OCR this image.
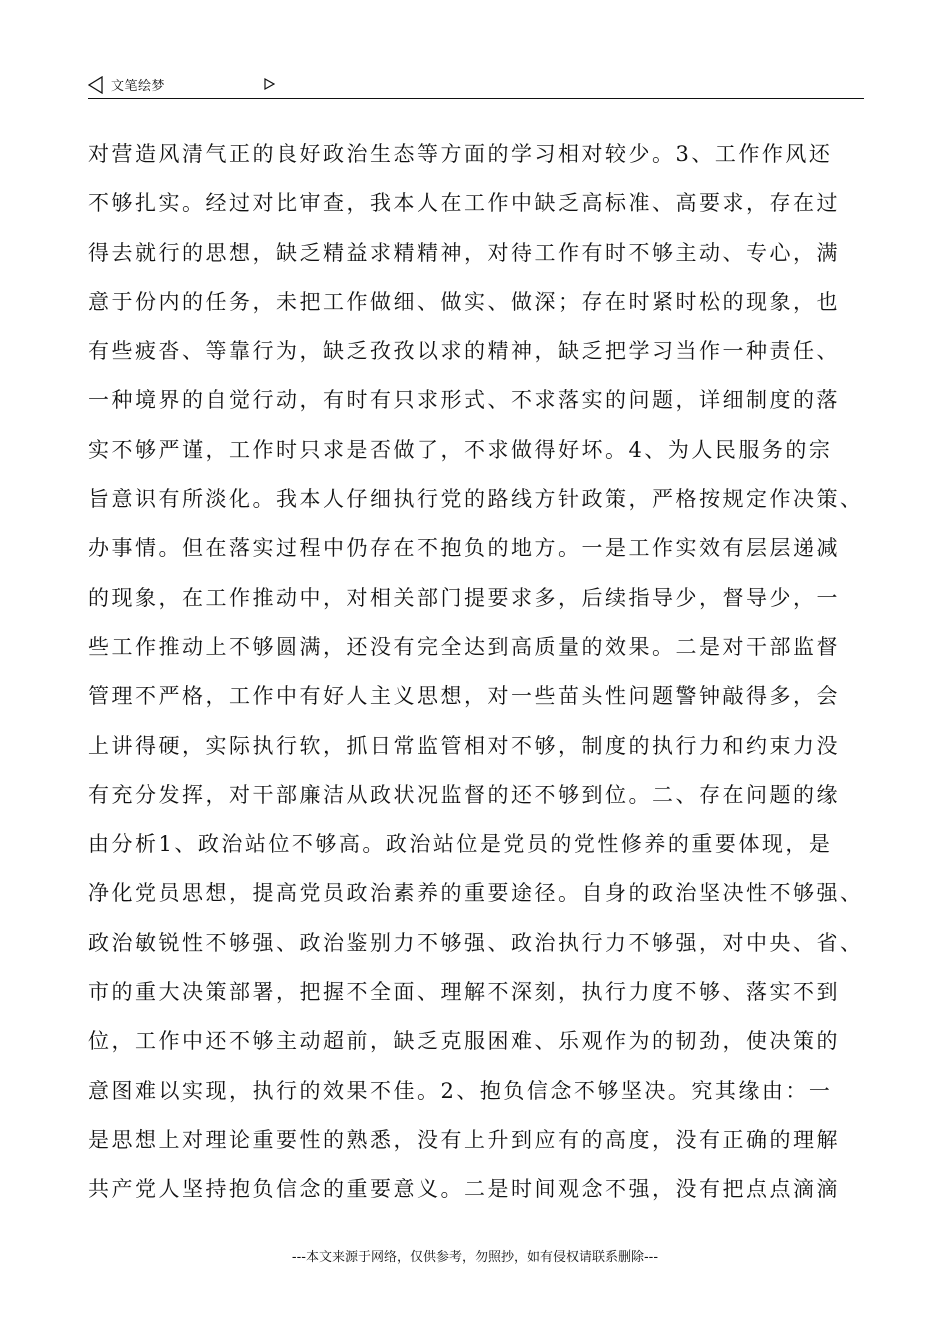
文笔绘梦
对营造风清气正的良好政治生态等方面的学习相对较少。3、工作作风还
不够扎实。经过对比审查，我本人在工作中缺乏高标准、高要求，存在过
得去就行的思想，缺乏精益求精精神，对待工作有时不够主动、专心，满
意于份内的任务，未把工作做细、做实、做深；存在时紧时松的现象，也
有些疲沓、等靠行为，缺乏孜孜以求的精神，缺乏把学习当作一种责任、
一种境界的自觉行动，有时有只求形式、不求落实的问题，详细制度的落
实不够严谨，工作时只求是否做了，不求做得好坏。4、为人民服务的宗
旨意识有所淡化。我本人仔细执行党的路线方针政策，严格按规定作决策、
办事情。但在落实过程中仍存在不抱负的地方。一是工作实效有层层递减
的现象，在工作推动中，对相关部门提要求多，后续指导少，督导少，一
些工作推动上不够圆满，还没有完全达到高质量的效果。二是对干部监督
管理不严格，工作中有好人主义思想，对一些苗头性问题警钟敲得多，会
上讲得硬，实际执行软，抓日常监管相对不够，制度的执行力和约束力没
有充分发挥，对干部廉洁从政状况监督的还不够到位。二、存在问题的缘
由分析1、政治站位不够高。政治站位是党员的党性修养的重要体现，是
净化党员思想，提高党员政治素养的重要途径。自身的政治坚决性不够强、
政治敏锐性不够强、政治鉴别力不够强、政治执行力不够强，对中央、省、
市的重大决策部署，把握不全面、理解不深刻，执行力度不够、落实不到
位，工作中还不够主动超前，缺乏克服困难、乐观作为的韧劲，使决策的
意图难以实现，执行的效果不佳。2、抱负信念不够坚决。究其缘由：一
是思想上对理论重要性的熟悉，没有上升到应有的高度，没有正确的理解
共产党人坚持抱负信念的重要意义。二是时间观念不强，没有把点点滴滴
---本文来源于网络，仅供参考，勿照抄，如有侵权请联系删除---
